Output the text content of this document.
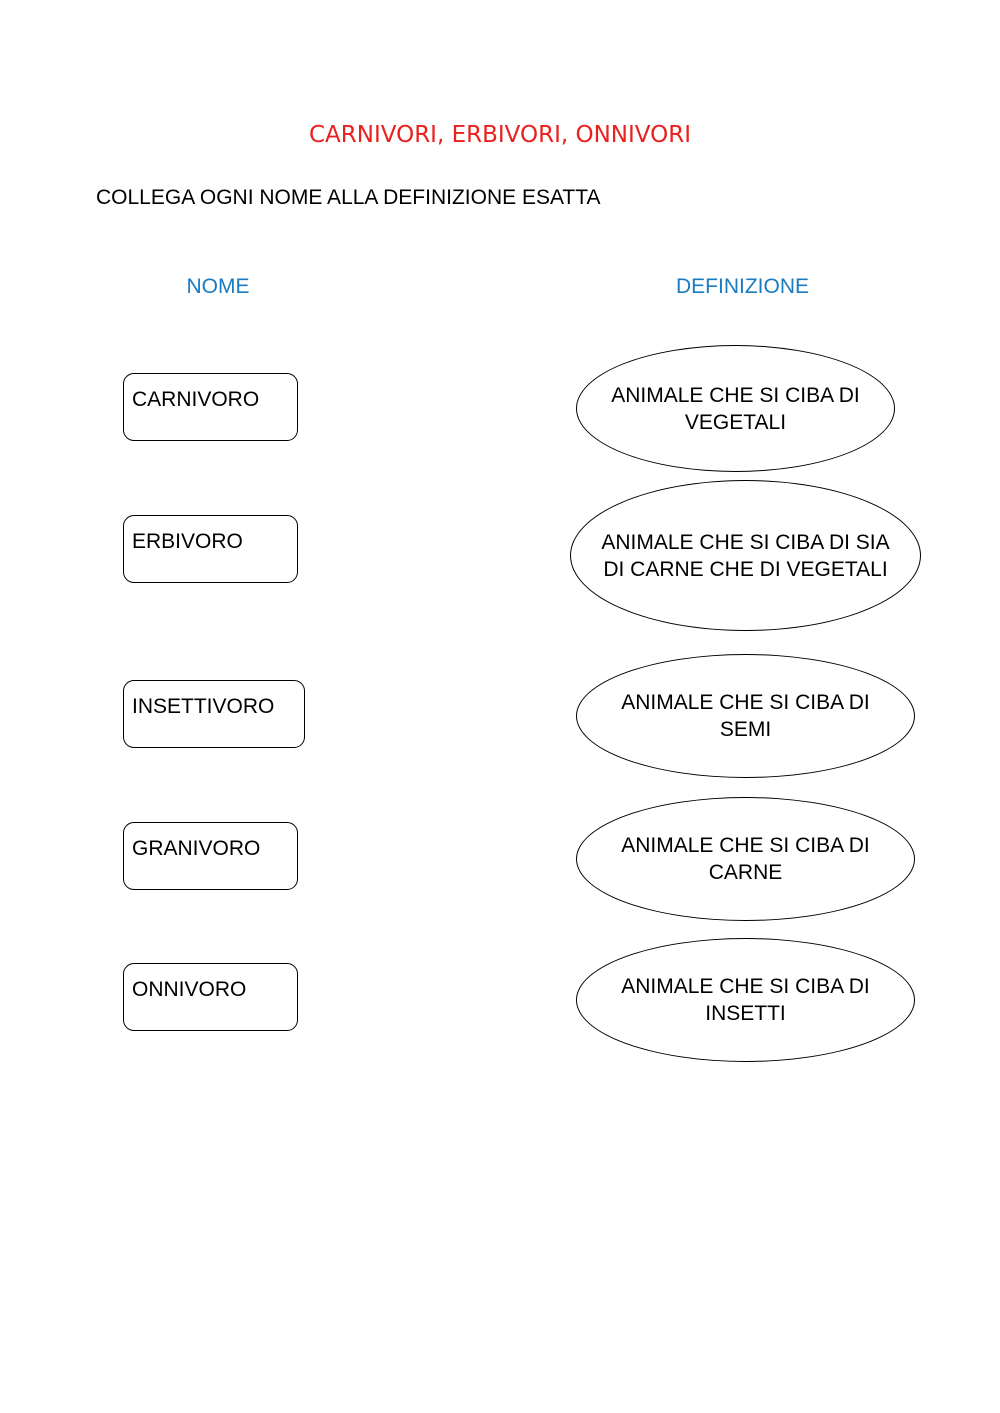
CARNIVORI, ERBIVORI, ONNIVORI
COLLEGA OGNI NOME ALLA DEFINIZIONE ESATTA
NOME	DEFINIZIONE
CARNIVORO
ERBIVORO
INSETTIVORO
GRANIVORO
ONNIVORO
ANIMALE CHE SI CIBA DI
VEGETALI
ANIMALE CHE SI CIBA DI SIA
DI CARNE CHE DI VEGETALI
ANIMALE CHE SI CIBA DI
SEMI
ANIMALE CHE SI CIBA DI
CARNE
ANIMALE CHE SI CIBA DI
INSETTI
